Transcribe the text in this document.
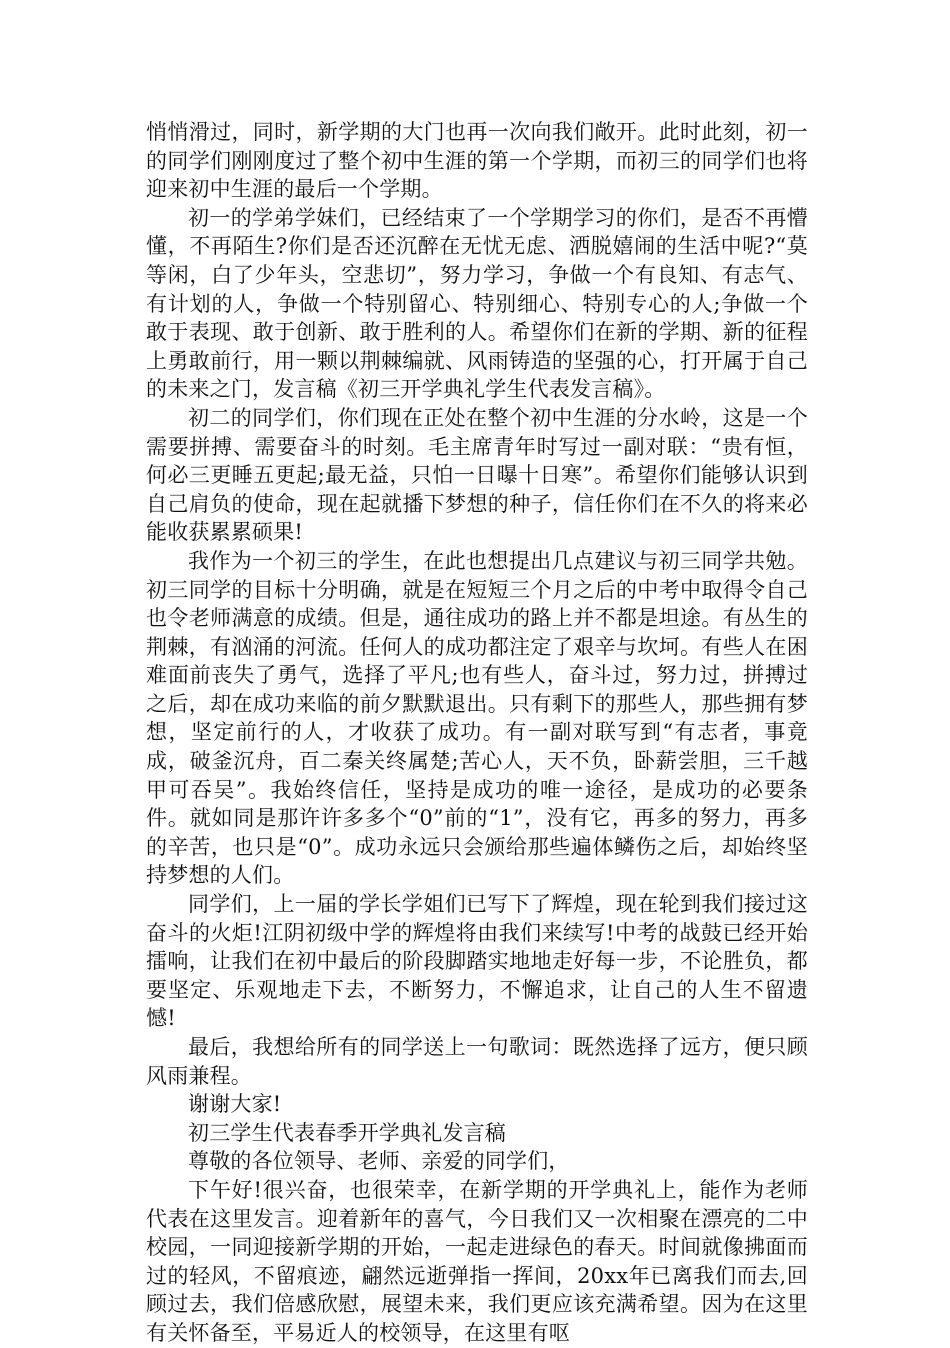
悄悄滑过，同时，新学期的大门也再一次向我们敞开。此时此刻，初一的同学们刚刚度过了整个初中生涯的第一个学期，而初三的同学们也将迎来初中生涯的最后一个学期。

初一的学弟学妹们，已经结束了一个学期学习的你们，是否不再懵懂，不再陌生?你们是否还沉醉在无忧无虑、洒脱嬉闹的生活中呢?“莫等闲，白了少年头，空悲切”，努力学习，争做一个有良知、有志气、有计划的人，争做一个特别留心、特别细心、特别专心的人;争做一个敢于表现、敢于创新、敢于胜利的人。希望你们在新的学期、新的征程上勇敢前行，用一颗以荆棘编就、风雨铸造的坚强的心，打开属于自己的未来之门，发言稿《初三开学典礼学生代表发言稿》。

初二的同学们，你们现在正处在整个初中生涯的分水岭，这是一个需要拼搏、需要奋斗的时刻。毛主席青年时写过一副对联：“贵有恒，何必三更睡五更起;最无益，只怕一日曝十日寒”。希望你们能够认识到自己肩负的使命，现在起就播下梦想的种子，信任你们在不久的将来必能收获累累硕果!

我作为一个初三的学生，在此也想提出几点建议与初三同学共勉。初三同学的目标十分明确，就是在短短三个月之后的中考中取得令自己也令老师满意的成绩。但是，通往成功的路上并不都是坦途。有丛生的荆棘，有汹涌的河流。任何人的成功都注定了艰辛与坎坷。有些人在困难面前丧失了勇气，选择了平凡;也有些人，奋斗过，努力过，拼搏过之后，却在成功来临的前夕默默退出。只有剩下的那些人，那些拥有梦想，坚定前行的人，才收获了成功。有一副对联写到“有志者，事竟成，破釜沉舟，百二秦关终属楚;苦心人，天不负，卧薪尝胆，三千越甲可吞吴”。我始终信任，坚持是成功的唯一途径，是成功的必要条件。就如同是那许许多多个“0”前的“1”，没有它，再多的努力，再多的辛苦，也只是“0”。成功永远只会颁给那些遍体鳞伤之后，却始终坚持梦想的人们。

同学们，上一届的学长学姐们已写下了辉煌，现在轮到我们接过这奋斗的火炬!江阴初级中学的辉煌将由我们来续写!中考的战鼓已经开始擂响，让我们在初中最后的阶段脚踏实地地走好每一步，不论胜负，都要坚定、乐观地走下去，不断努力，不懈追求，让自己的人生不留遗憾!

最后，我想给所有的同学送上一句歌词：既然选择了远方，便只顾风雨兼程。

谢谢大家!

初三学生代表春季开学典礼发言稿

尊敬的各位领导、老师、亲爱的同学们，

下午好!很兴奋，也很荣幸，在新学期的开学典礼上，能作为老师代表在这里发言。迎着新年的喜气，今日我们又一次相聚在漂亮的二中校园，一同迎接新学期的开始，一起走进绿色的春天。时间就像拂面而过的轻风，不留痕迹，翩然远逝弹指一挥间，20xx年已离我们而去,回顾过去，我们倍感欣慰，展望未来，我们更应该充满希望。因为在这里有关怀备至，平易近人的校领导，在这里有呕
